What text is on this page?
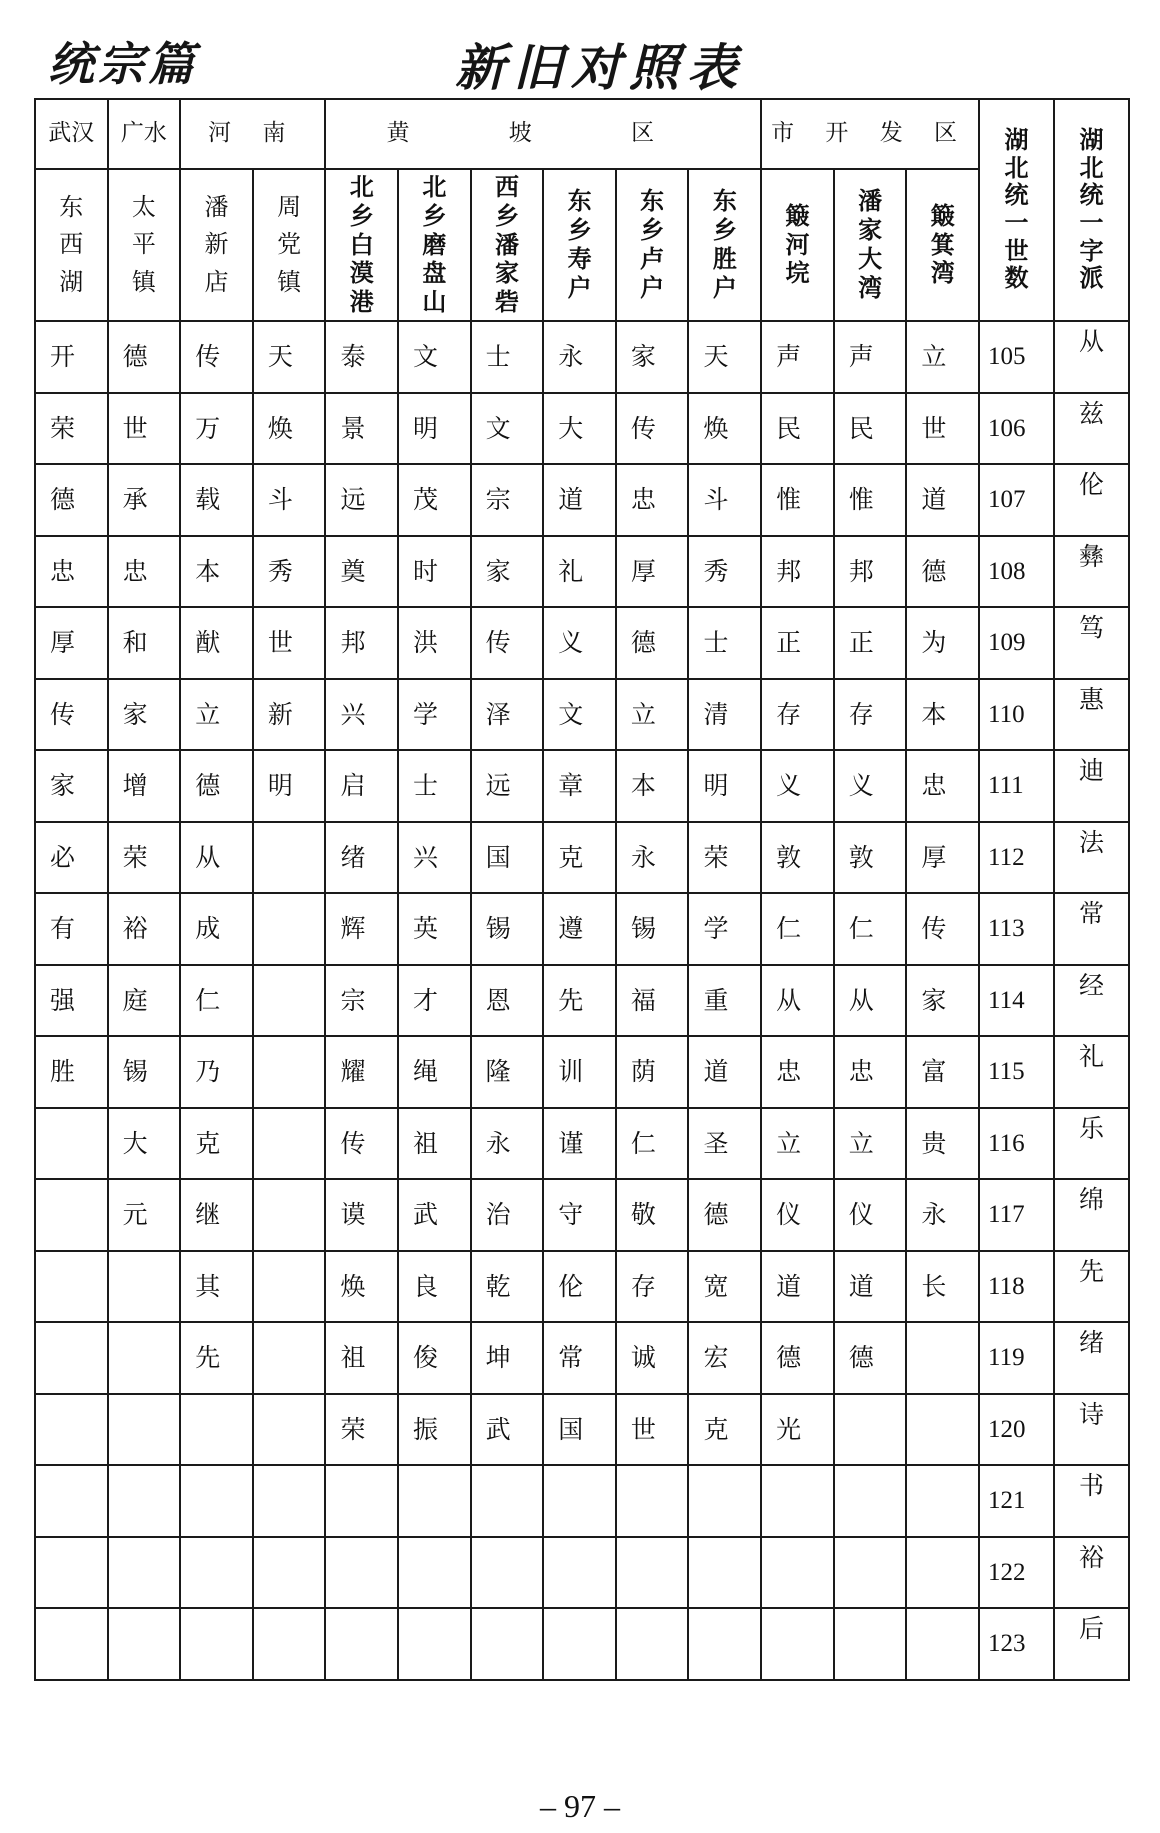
统宗篇	新旧对照表
武汉	广水	河 南		黄 坡 区						市 开 发 区			湖北统一世数	湖北统一字派
东西湖	太平镇	潘新店	周党镇	北乡白漠港	北乡磨盘山	西乡潘家砦	东乡寿户	东乡卢户	东乡胜户	簸河垸	潘家大湾	簸箕湾		
开	德	传	天	泰	文	士	永	家	天	声	声	立	105	从
荣	世	万	焕	景	明	文	大	传	焕	民	民	世	106	兹
德	承	载	斗	远	茂	宗	道	忠	斗	惟	惟	道	107	伦
忠	忠	本	秀	奠	时	家	礼	厚	秀	邦	邦	德	108	彝
厚	和	猷	世	邦	洪	传	义	德	士	正	正	为	109	笃
传	家	立	新	兴	学	泽	文	立	清	存	存	本	110	惠
家	增	德	明	启	士	远	章	本	明	义	义	忠	111	迪
必	荣	从		绪	兴	国	克	永	荣	敦	敦	厚	112	法
有	裕	成		辉	英	锡	遵	锡	学	仁	仁	传	113	常
强	庭	仁		宗	才	恩	先	福	重	从	从	家	114	经
胜	锡	乃		耀	绳	隆	训	荫	道	忠	忠	富	115	礼
	大	克		传	祖	永	谨	仁	圣	立	立	贵	116	乐
	元	继		谟	武	治	守	敬	德	仪	仪	永	117	绵
		其		焕	良	乾	伦	存	宽	道	道	长	118	先
		先		祖	俊	坤	常	诚	宏	德	德		119	绪
				荣	振	武	国	世	克	光			120	诗
													121	书
													122	裕
													123	后
– 97 –
